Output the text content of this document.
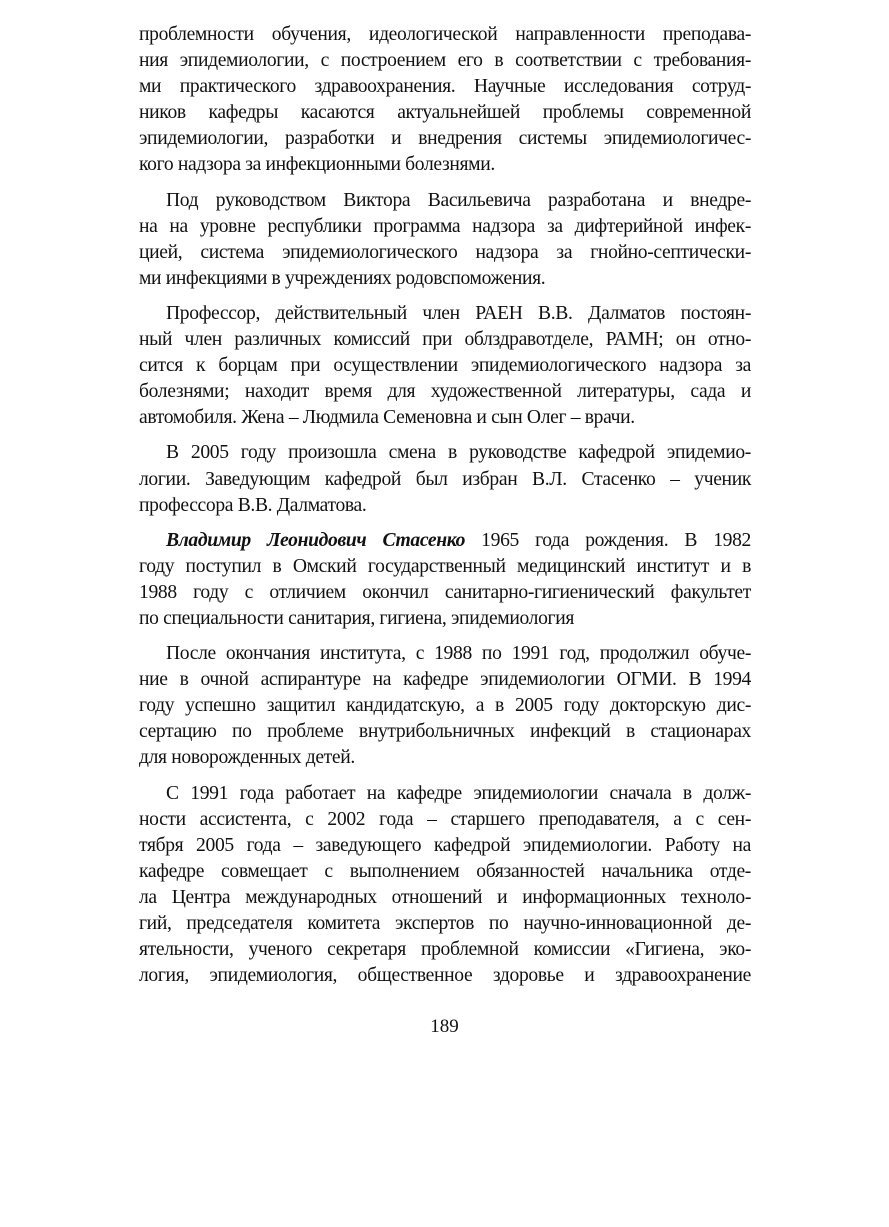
проблемности обучения, идеологической направленности преподава-
ния эпидемиологии, с построением его в соответствии с требования-
ми практического здравоохранения. Научные исследования сотруд-
ников кафедры касаются актуальнейшей проблемы современной
эпидемиологии, разработки и внедрения системы эпидемиологичес-
кого надзора за инфекционными болезнями.
Под руководством Виктора Васильевича разработана и внедре-
на на уровне республики программа надзора за дифтерийной инфек-
цией, система эпидемиологического надзора за гнойно-септически-
ми инфекциями в учреждениях родовспоможения.
Профессор, действительный член РАЕН В.В. Далматов постоян-
ный член различных комиссий при облздравотделе, РАМН; он отно-
сится к борцам при осуществлении эпидемиологического надзора за
болезнями; находит время для художественной литературы, сада и
автомобиля. Жена – Людмила Семеновна и сын Олег – врачи.
В 2005 году произошла смена в руководстве кафедрой эпидемио-
логии. Заведующим кафедрой был избран В.Л. Стасенко – ученик
профессора В.В. Далматова.
Владимир Леонидович Стасенко 1965 года рождения. В 1982
году поступил в Омский государственный медицинский институт и в
1988 году с отличием окончил санитарно-гигиенический факультет
по специальности санитария, гигиена, эпидемиология
После окончания института, с 1988 по 1991 год, продолжил обуче-
ние в очной аспирантуре на кафедре эпидемиологии ОГМИ. В 1994
году успешно защитил кандидатскую, а в 2005 году докторскую дис-
сертацию по проблеме внутрибольничных инфекций в стационарах
для новорожденных детей.
С 1991 года работает на кафедре эпидемиологии сначала в долж-
ности ассистента, с 2002 года – старшего преподавателя, а с сен-
тября 2005 года – заведующего кафедрой эпидемиологии. Работу на
кафедре совмещает с выполнением обязанностей начальника отде-
ла Центра международных отношений и информационных техноло-
гий, председателя комитета экспертов по научно-инновационной де-
ятельности, ученого секретаря проблемной комиссии «Гигиена, эко-
логия, эпидемиология, общественное здоровье и здравоохранение
189
